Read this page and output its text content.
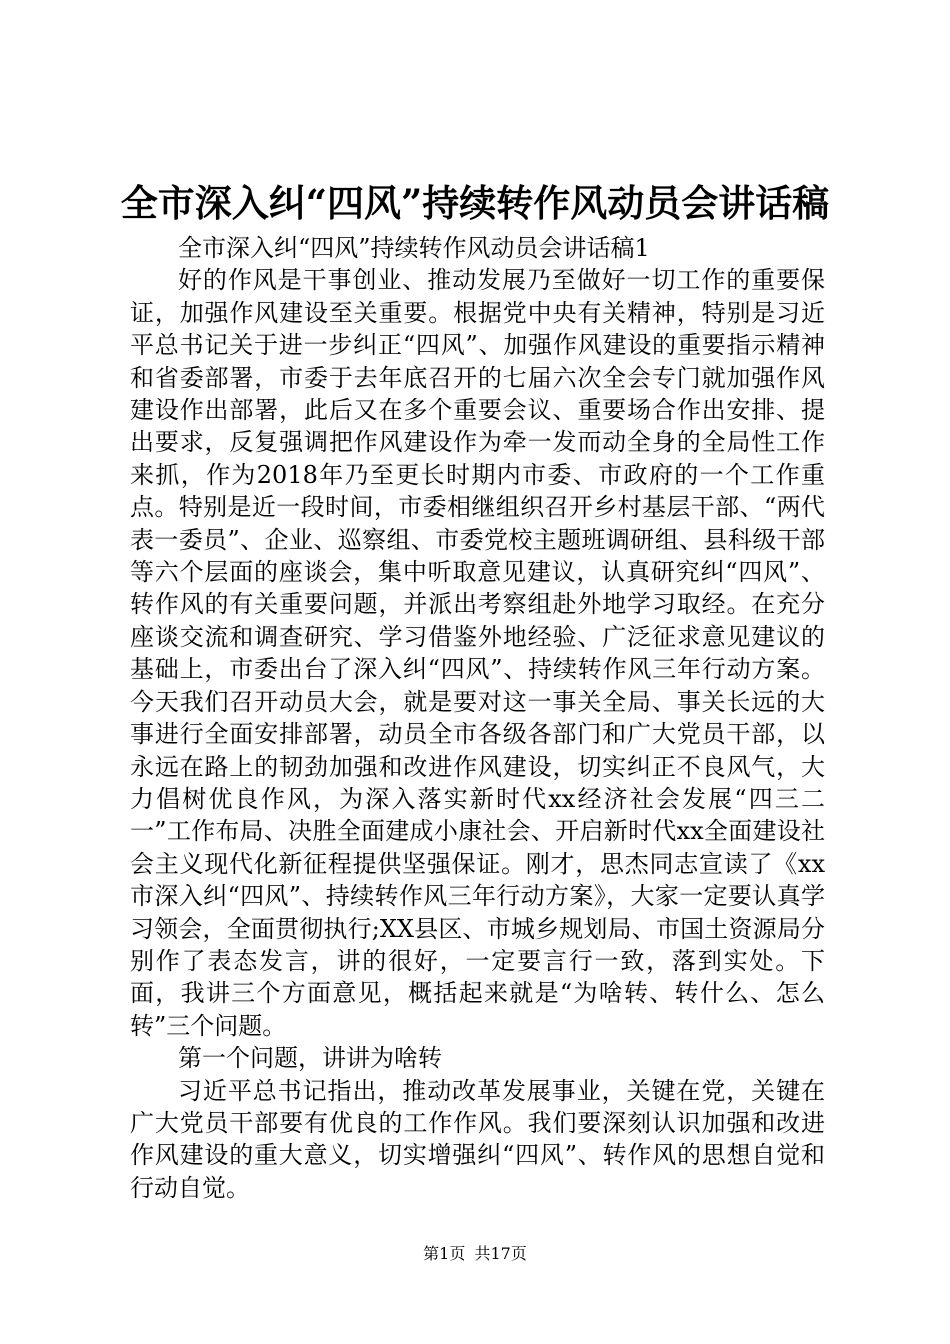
全市深入纠“四风”持续转作风动员会讲话稿

全市深入纠“四风”持续转作风动员会讲话稿1

好的作风是干事创业、推动发展乃至做好一切工作的重要保证，加强作风建设至关重要。根据党中央有关精神，特别是习近平总书记关于进一步纠正“四风”、加强作风建设的重要指示精神和省委部署，市委于去年底召开的七届六次全会专门就加强作风建设作出部署，此后又在多个重要会议、重要场合作出安排、提出要求，反复强调把作风建设作为牵一发而动全身的全局性工作来抓，作为2018年乃至更长时期内市委、市政府的一个工作重点。特别是近一段时间，市委相继组织召开乡村基层干部、“两代表一委员”、企业、巡察组、市委党校主题班调研组、县科级干部等六个层面的座谈会，集中听取意见建议，认真研究纠“四风”、转作风的有关重要问题，并派出考察组赴外地学习取经。在充分座谈交流和调查研究、学习借鉴外地经验、广泛征求意见建议的基础上，市委出台了深入纠“四风”、持续转作风三年行动方案。今天我们召开动员大会，就是要对这一事关全局、事关长远的大事进行全面安排部署，动员全市各级各部门和广大党员干部，以永远在路上的韧劲加强和改进作风建设，切实纠正不良风气，大力倡树优良作风，为深入落实新时代xx经济社会发展“四三二一”工作布局、决胜全面建成小康社会、开启新时代xx全面建设社会主义现代化新征程提供坚强保证。刚才，思杰同志宣读了《xx市深入纠“四风”、持续转作风三年行动方案》，大家一定要认真学习领会，全面贯彻执行;XX县区、市城乡规划局、市国土资源局分别作了表态发言，讲的很好，一定要言行一致，落到实处。下面，我讲三个方面意见，概括起来就是“为啥转、转什么、怎么转”三个问题。

第一个问题，讲讲为啥转

习近平总书记指出，推动改革发展事业，关键在党，关键在广大党员干部要有优良的工作作风。我们要深刻认识加强和改进作风建设的重大意义，切实增强纠“四风”、转作风的思想自觉和行动自觉。

第1页 共17页
